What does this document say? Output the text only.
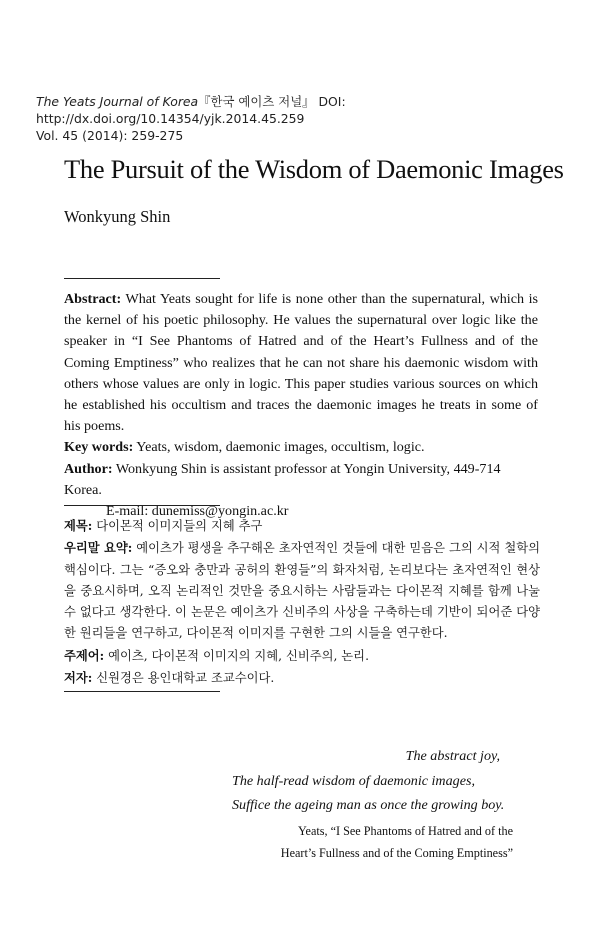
The Yeats Journal of Korea『한국 예이츠 저널』 DOI: http://dx.doi.org/10.14354/yjk.2014.45.259
Vol. 45 (2014): 259-275
The Pursuit of the Wisdom of Daemonic Images
Wonkyung Shin

Abstract: What Yeats sought for life is none other than the supernatural, which is the kernel of his poetic philosophy. He values the supernatural over logic like the speaker in “I See Phantoms of Hatred and of the Heart’s Fullness and of the Coming Emptiness” who realizes that he can not share his daemonic wisdom with others whose values are only in logic. This paper studies various sources on which he established his occultism and traces the daemonic images he treats in some of his poems.

Key words: Yeats, wisdom, daemonic images, occultism, logic.

Author: Wonkyung Shin is assistant professor at Yongin University, 449-714 Korea.

E-mail: dunemiss@yongin.ac.kr

제목: 다이몬적 이미지들의 지혜 추구

우리말 요약: 예이츠가 평생을 추구해온 초자연적인 것들에 대한 믿음은 그의 시적 철학의 핵심이다. 그는 “증오와 충만과 공허의 환영들”의 화자처럼, 논리보다는 초자연적인 현상을 중요시하며, 오직 논리적인 것만을 중요시하는 사람들과는 다이몬적 지혜를 함께 나눌 수 없다고 생각한다. 이 논문은 예이츠가 신비주의 사상을 구축하는데 기반이 되어준 다양한 원리들을 연구하고, 다이몬적 이미지를 구현한 그의 시들을 연구한다.

주제어: 예이츠, 다이몬적 이미지의 지혜, 신비주의, 논리.

저자: 신원경은 용인대학교 조교수이다.

The abstract joy,
The half-read wisdom of daemonic images,
Suffice the ageing man as once the growing boy.
Yeats, “I See Phantoms of Hatred and of the
Heart’s Fullness and of the Coming Emptiness”
